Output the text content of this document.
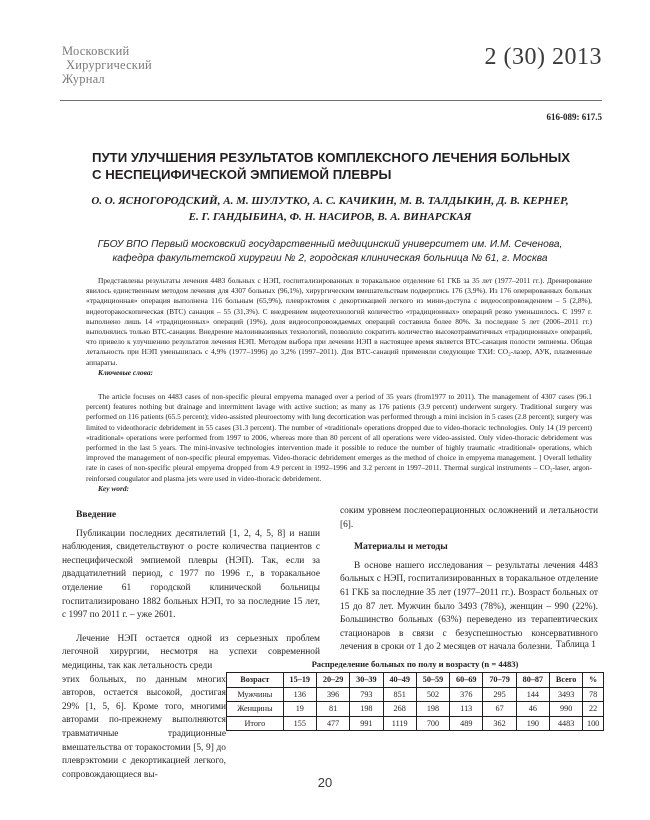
Московский
Хирургический
Журнал
2 (30) 2013
616-089: 617.5
ПУТИ УЛУЧШЕНИЯ РЕЗУЛЬТАТОВ КОМПЛЕКСНОГО ЛЕЧЕНИЯ БОЛЬНЫХ С НЕСПЕЦИФИЧЕСКОЙ ЭМПИЕМОЙ ПЛЕВРЫ
О. О. ЯСНОГОРОДСКИЙ, А. М. ШУЛУТКО, А. С. КАЧИКИН, М. В. ТАЛДЫКИН, Д. В. КЕРНЕР,
Е. Г. ГАНДЫБИНА, Ф. Н. НАСИРОВ, В. А. ВИНАРСКАЯ
ГБОУ ВПО Первый московский государственный медицинский университет им. И.М. Сеченова,
кафедра факультетской хирургии № 2, городская клиническая больница № 61, г. Москва

Представлены результаты лечения 4483 больных с НЭП, госпитализированных в торакальное отделение 61 ГКБ за 35 лет (1977–2011 гг.). Дренирование явилось единственным методом лечения для 4307 больных (96,1%), хирургическим вмешательствам подверглись 176 (3,9%). Из 176 оперированных больных «традиционная» операция выполнена 116 больным (65,9%), плеврэктомия с декортикацией легкого из мини-доступа с видеосопровождением – 5 (2,8%), видеоторакоскопическая (ВТС) санация – 55 (31,3%). С внедрением видеотехнологий количество «традиционных» операций резко уменьшилось. С 1997 г. выполнено лишь 14 «традиционных» операций (19%), доля видеосопровождаемых операций составила более 80%. За последние 5 лет (2006–2011 гг.) выполнялись только ВТС-санации. Внедрение малоинвазивных технологий, позволило сократить количество высокотравматичных «традиционных» операций, что привело к улучшению результатов лечения НЭП. Методом выбора при лечении НЭП в настоящее время является ВТС-санация полости эмпиемы. Общая летальность при НЭП уменьшилась с 4,9% (1977–1996) до 3,2% (1997–2011). Для ВТС-санаций применяли следующие ТХИ: СО₂-лазер, АУК, плазменные аппараты.

Ключевые слова:

The article focuses on 4483 cases of non-specific pleural empyema managed over a period of 35 years (from1977 to 2011). The management of 4307 cases (96.1 percent) features nothing but drainage and intermittent lavage with active suction; as many as 176 patients (3.9 percent) underwent surgery. Traditional surgery was performed on 116 patients (65.5 percent); video-assisted pleuroectomy with lung decortication was performed through a mini incision in 5 cases (2.8 percent); surgery was limited to videothoracic debridement in 55 cases (31.3 percent). The number of «traditional» operations dropped due to video-thoracic technologies. Only 14 (19 percent) «traditional» operations were performed from 1997 to 2006, whereas more than 80 percent of all operations were video-assisted. Only video-thoracic debridement was performed in the last 5 years. The mini-invasive technologies intervention made it possible to reduce the number of highly traumatic «traditional» operations, which improved the management of non-specific pleural empyemas. Video-thoracic debridement emerges as the method of choice in empyema management. ] Overall lethality rate in cases of non-specific pleural empyema dropped from 4.9 percent in 1992–1996 and 3.2 percent in 1997–2011. Thermal surgical instruments – CO₂-laser, argon-reinforsed cougulator and plasma jets were used in video-thoracic debridement.

Key word:

Введение

Публикации последних десятилетий [1, 2, 4, 5, 8] и наши наблюдения, свидетельствуют о росте количества пациентов с неспецифической эмпиемой плевры (НЭП). Так, если за двадцатилетний период, с 1977 по 1996 г., в торакальное отделение 61 городской клинической больницы госпитализировано 1882 больных НЭП, то за последние 15 лет, с 1997 по 2011 г. – уже 2601.

Лечение НЭП остается одной из серьезных проблем легочной хирургии, несмотря на успехи современной медицины, так как летальность среди

этих больных, по данным многих авторов, остается высокой, достигая 29% [1, 5, 6]. Кроме того, многими авторами по-прежнему выполняются травматичные традиционные вмешательства от торакостомии [5, 9] до плеврэктомии с декортикацией легкого, сопровождающиеся вы-

соким уровнем послеоперационных осложнений и летальности [6].

Материалы и методы

В основе нашего исследования – результаты лечения 4483 больных с НЭП, госпитализированных в торакальное отделение 61 ГКБ за последние 35 лет (1977–2011 гг.). Возраст больных от 15 до 87 лет. Мужчин было 3493 (78%), женщин – 990 (22%). Большинство больных (63%) переведено из терапевтических стационаров в связи с безуспешностью консервативного лечения в сроки от 1 до 2 месяцев от начала болезни. Таблица 1
Распределение больных по полу и возрасту (n = 4483)
Возраст	15–19	20–29	30–39	40–49	50–59	60–69	70–79	80–87	Всего	%
Мужчины	136	396	793	851	502	376	295	144	3493	78
Женщины	19	81	198	268	198	113	67	46	990	22
Итого	155	477	991	1119	700	489	362	190	4483	100
20
